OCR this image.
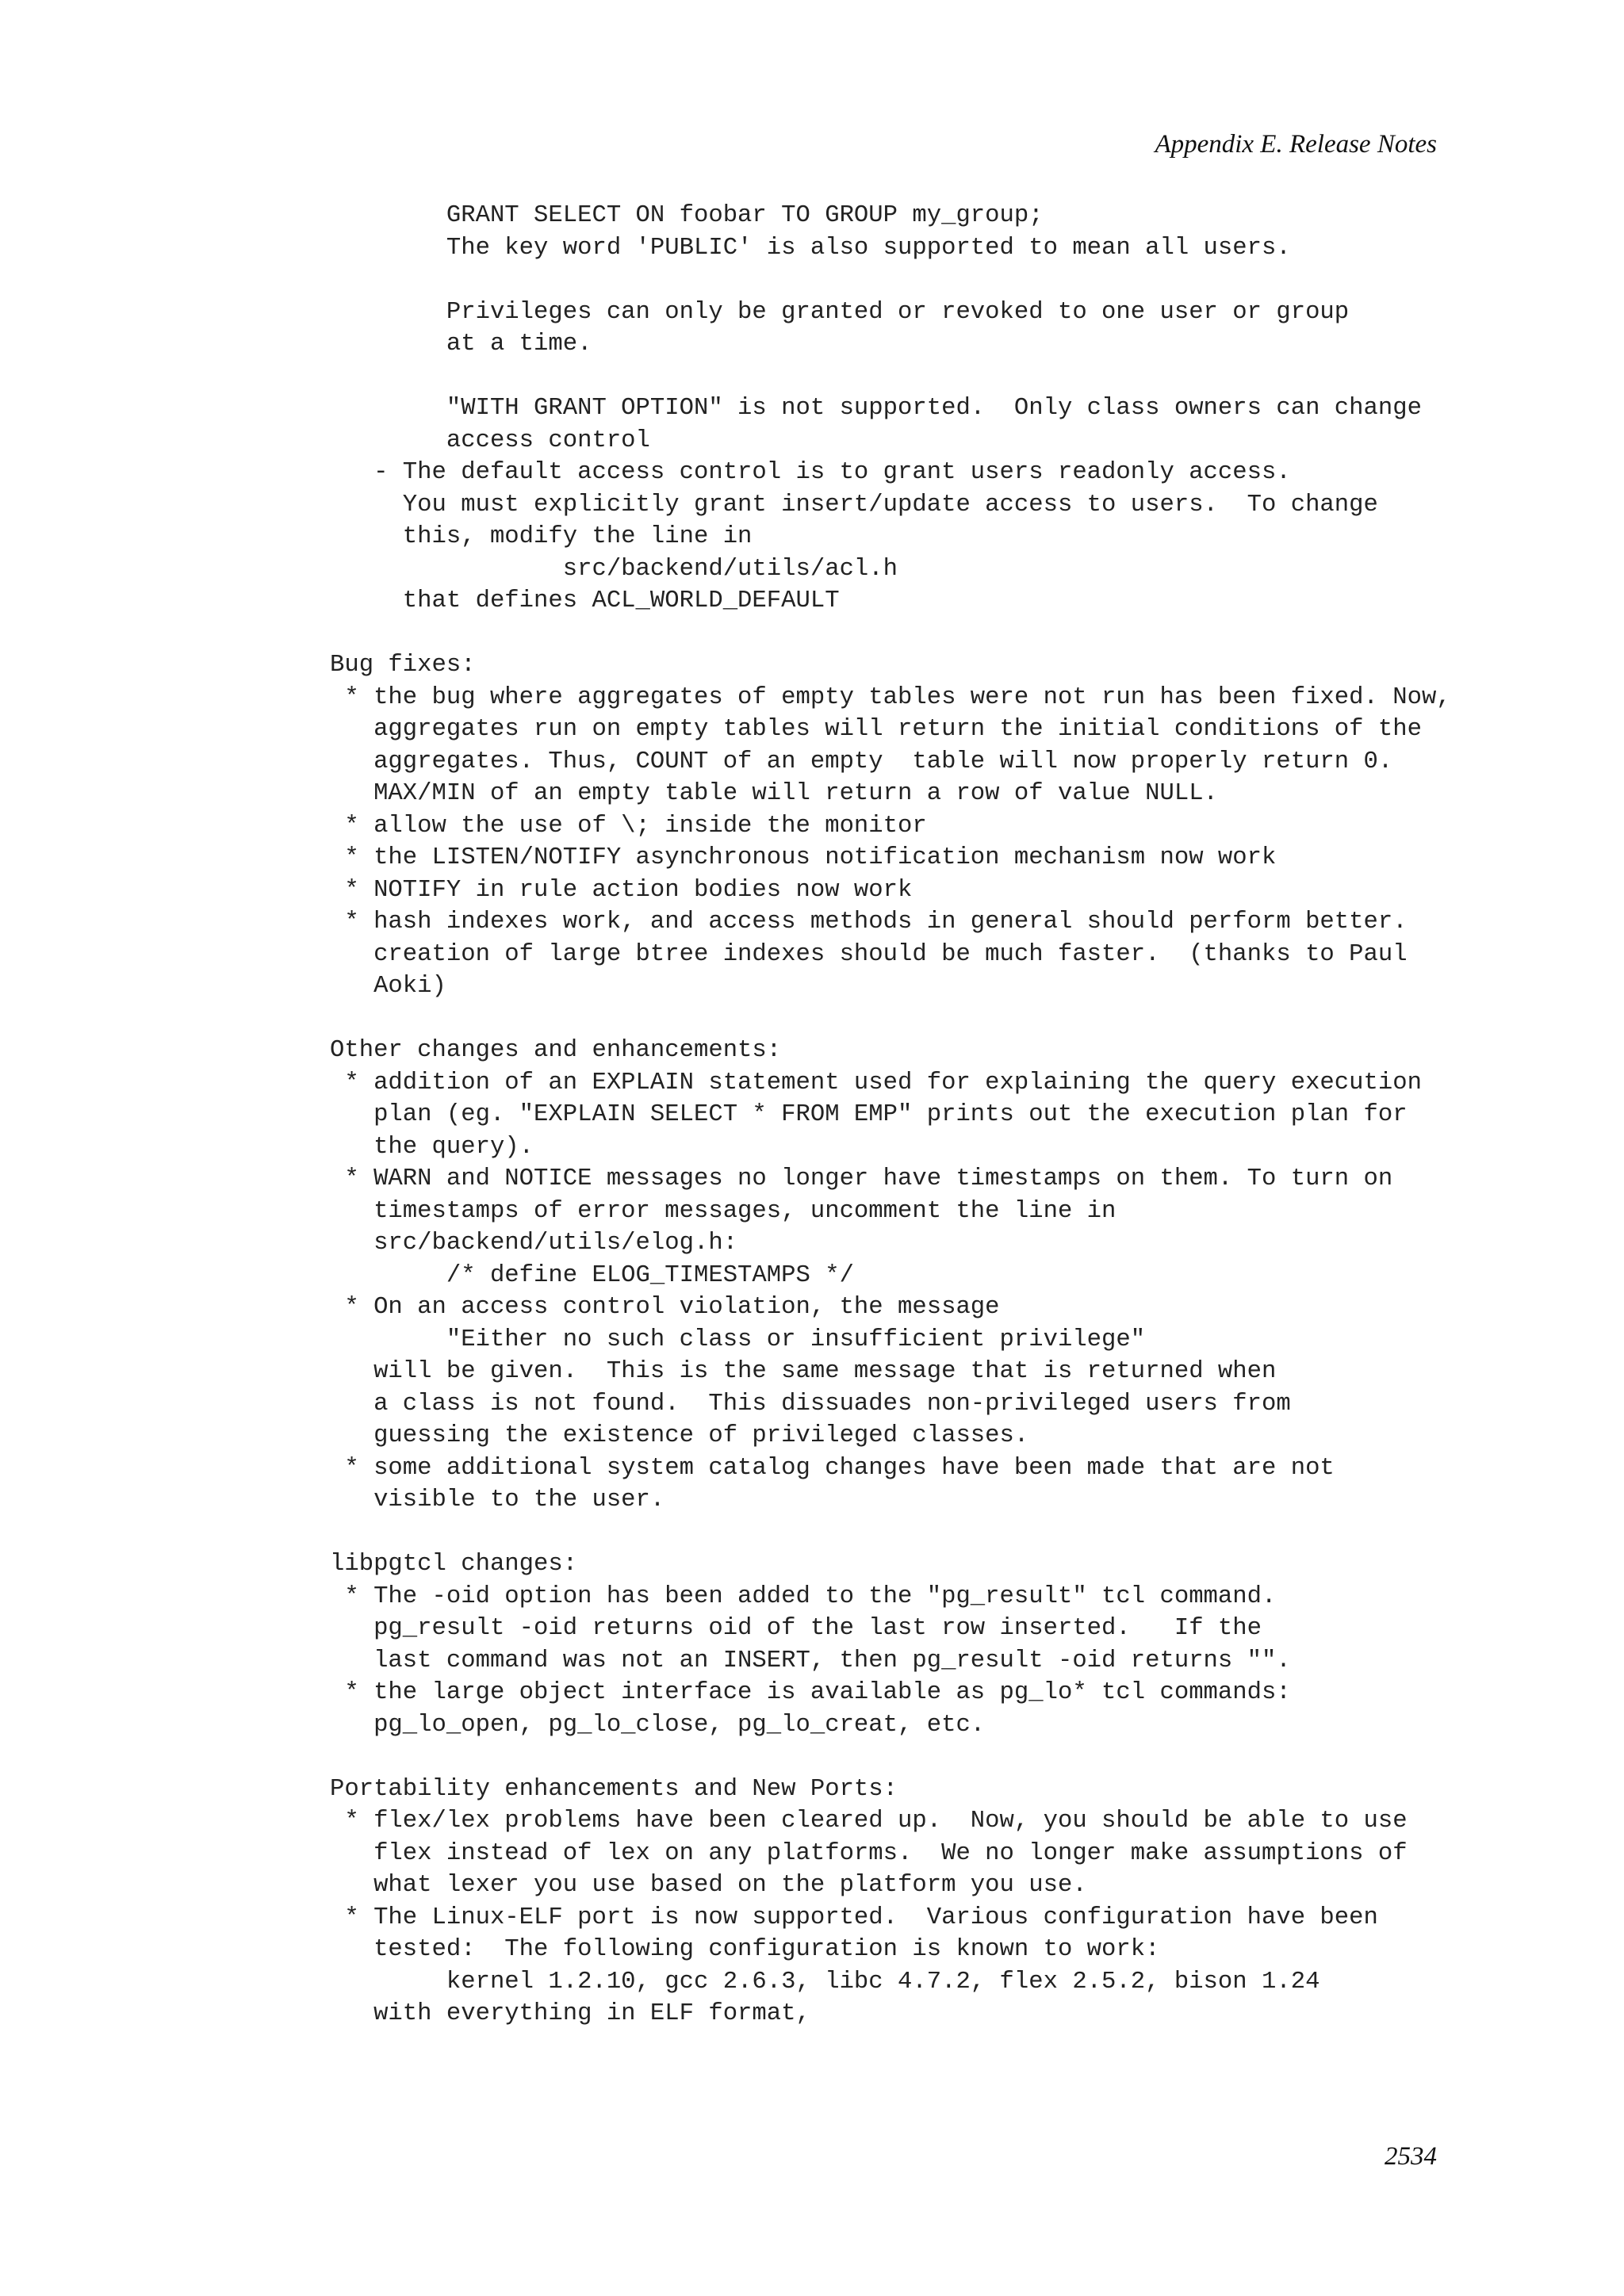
Appendix E. Release Notes
GRANT SELECT ON foobar TO GROUP my_group;
The key word 'PUBLIC' is also supported to mean all users.
Privileges can only be granted or revoked to one user or group
at a time.
"WITH GRANT OPTION" is not supported.  Only class owners can change
access control
- The default access control is to grant users readonly access.
You must explicitly grant insert/update access to users.  To change
this, modify the line in
src/backend/utils/acl.h
that defines ACL_WORLD_DEFAULT
Bug fixes:
* the bug where aggregates of empty tables were not run has been fixed. Now,
aggregates run on empty tables will return the initial conditions of the
aggregates. Thus, COUNT of an empty  table will now properly return 0.
MAX/MIN of an empty table will return a row of value NULL.
* allow the use of \; inside the monitor
* the LISTEN/NOTIFY asynchronous notification mechanism now work
* NOTIFY in rule action bodies now work
* hash indexes work, and access methods in general should perform better.
creation of large btree indexes should be much faster.  (thanks to Paul
Aoki)
Other changes and enhancements:
* addition of an EXPLAIN statement used for explaining the query execution
plan (eg. "EXPLAIN SELECT * FROM EMP" prints out the execution plan for
the query).
* WARN and NOTICE messages no longer have timestamps on them. To turn on
timestamps of error messages, uncomment the line in
src/backend/utils/elog.h:
/* define ELOG_TIMESTAMPS */
* On an access control violation, the message
"Either no such class or insufficient privilege"
will be given.  This is the same message that is returned when
a class is not found.  This dissuades non-privileged users from
guessing the existence of privileged classes.
* some additional system catalog changes have been made that are not
visible to the user.
libpgtcl changes:
* The -oid option has been added to the "pg_result" tcl command.
pg_result -oid returns oid of the last row inserted.   If the
last command was not an INSERT, then pg_result -oid returns "".
* the large object interface is available as pg_lo* tcl commands:
pg_lo_open, pg_lo_close, pg_lo_creat, etc.
Portability enhancements and New Ports:
* flex/lex problems have been cleared up.  Now, you should be able to use
flex instead of lex on any platforms.  We no longer make assumptions of
what lexer you use based on the platform you use.
* The Linux-ELF port is now supported.  Various configuration have been
tested:  The following configuration is known to work:
kernel 1.2.10, gcc 2.6.3, libc 4.7.2, flex 2.5.2, bison 1.24
with everything in ELF format,
2534
